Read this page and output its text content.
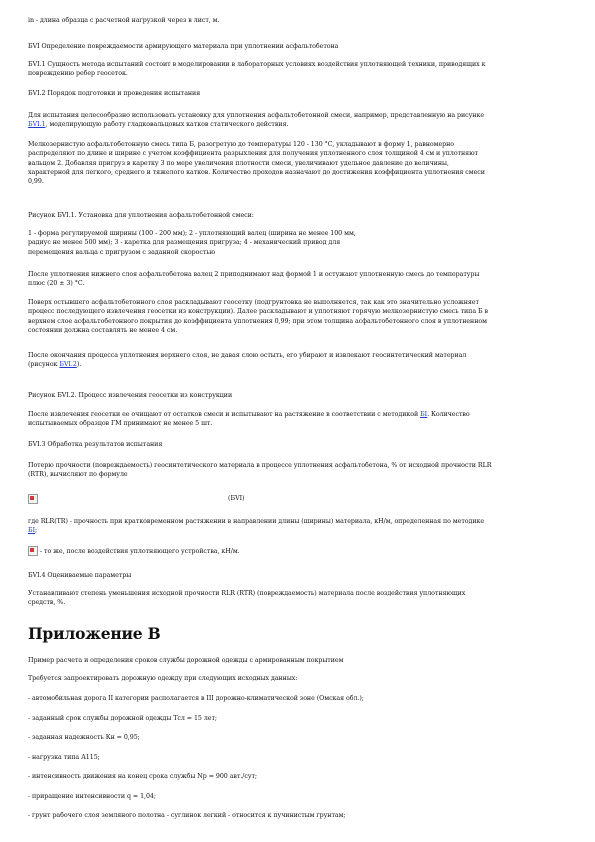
in - длина образца с расчетной нагрузкой через в лист, м.

БVI Определение повреждаемости армирующего материала при уплотнении асфальтобетона

БVI.1 Сущность метода испытаний состоит в моделировании в лабораторных условиях воздействия уплотняющей техники, приводящих к
повреждению ребер геосеток.

БVI.2 Порядок подготовки и проведения испытания

Для испытания целесообразно использовать установку для уплотнения асфальтобетонной смеси, например, представленную на рисунке
БVI.1, моделирующую работу гладковальцовых катков статического действия.

Мелкозернистую асфальтобетонную смесь типа Б, разогретую до температуры 120 - 130 °C, укладывают в форму 1, равномерно
распределяют по длине и ширине с учетом коэффициента разрыхления для получения уплотненного слоя толщиной 4 см и уплотняют
вальцом 2. Добавляя пригруз в каретку 3 по мере увеличения плотности смеси, увеличивают удельное давление до величины,
характерной для легкого, среднего и тяжелого катков. Количество проходов назначают до достижения коэффициента уплотнения смеси
0,99.

Рисунок БVI.1. Установка для уплотнения асфальтобетонной смеси:

1 - форма регулируемой ширины (100 - 200 мм); 2 - уплотняющий валец (ширина не менее 100 мм,
радиус не менее 500 мм); 3 - каретка для размещения пригруза; 4 - механический привод для
перемещения вальца с пригрузом с заданной скоростью

После уплотнения нижнего слоя асфальтобетона валец 2 приподнимают над формой 1 и остужают уплотненную смесь до температуры
плюс (20 ± 3) °C.

Поверх остывшего асфальтобетонного слоя раскладывают геосетку (подгрунтовка не выполняется, так как это значительно усложняет
процесс последующего извлечения геосетки из конструкции). Далее раскладывают и уплотняют горячую мелкозернистую смесь типа Б в
верхнем слое асфальтобетонного покрытия до коэффициента уплотнения 0,99; при этом толщина асфальтобетонного слоя в уплотненном
состоянии должна составлять не менее 4 см.

После окончания процесса уплотнения верхнего слоя, не давая слою остыть, его убирают и извлекают геосинтетический материал
(рисунок БVI.2).

Рисунок БVI.2. Процесс извлечения геосетки из конструкции

После извлечения геосетки ее очищают от остатков смеси и испытывают на растяжение в соответствии с методикой БI. Количество
испытываемых образцов ГМ принимают не менее 5 шт.

БVI.3 Обработка результатов испытания

Потерю прочности (повреждаемость) геосинтетического материала в процессе уплотнения асфальтобетона, % от исходной прочности RLR
(RTR), вычисляют по формуле

(БVI)

где RLR(TR) - прочность при кратковременном растяжении в направлении длины (ширины) материала, кН/м, определенная по методике
БI;

- то же, после воздействия уплотняющего устройства, кН/м.

БVI.4 Оцениваемые параметры

Устанавливают степень уменьшения исходной прочности RLR (RTR) (повреждаемость) материала после воздействия уплотняющих
средств, %.

Приложение В

Пример расчета и определения сроков службы дорожной одежды с армированным покрытием

Требуется запроектировать дорожную одежду при следующих исходных данных:

- автомобильная дорога II категории располагается в III дорожно-климатической зоне (Омская обл.);

- заданный срок службы дорожной одежды Tсл = 15 лет;

- заданная надежность Кн = 0,95;

- нагрузка типа А115;

- интенсивность движения на конец срока службы Nр = 900 авт./сут;

- приращение интенсивности q = 1,04;

- грунт рабочего слоя земляного полотна - суглинок легкий - относится к пучинистым грунтам;
